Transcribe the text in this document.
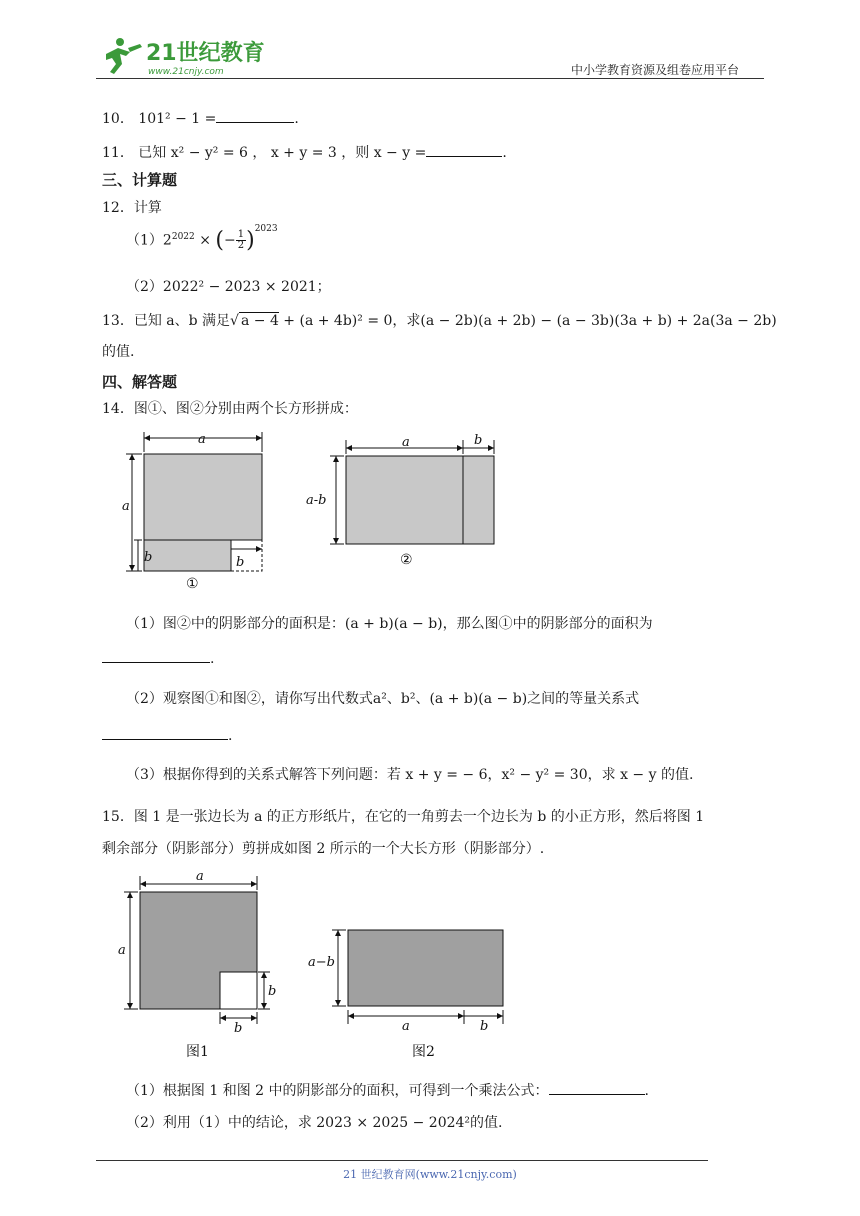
21世纪教育
www.21cnjy.com	中小学教育资源及组卷应用平台
10． 101² − 1 =	.
11． 已知 x² − y² = 6 ， x + y = 3 ，则 x − y =	.
三、计算题
12．计算
$(1)2^{2022}$ × (− $\frac{1}{2} )^{2023}$
（2）2022² − 2023 × 2021；
13．已知 a、b 满足√ a − 4 + (a + 4b)² = 0，求(a − 2b)(a + 2b) − (a − 3b)(3a + b) + 2a(3a − 2b)
的值.
四、解答题
14．图①、图②分别由两个长方形拼成：
a
a
b	b
①
a	b
a-b
②
（1）图②中的阴影部分的面积是：(a + b)(a − b)，那么图①中的阴影部分的面积为
.
（2）观察图①和图②，请你写出代数式a²、b²、(a + b)(a − b)之间的等量关系式
.
（3）根据你得到的关系式解答下列问题：若 x + y = − 6，x² − y² = 30，求 x − y 的值.
15．图 1 是一张边长为 a 的正方形纸片，在它的一角剪去一个边长为 b 的小正方形，然后将图 1
剩余部分（阴影部分）剪拼成如图 2 所示的一个大长方形（阴影部分）.
a
a
b
b
图1
a−b
a	b
图2
（1）根据图 1 和图 2 中的阴影部分的面积，可得到一个乘法公式：	.
（2）利用（1）中的结论，求 2023 × 2025 − 2024²的值.
21 世纪教育网(www.21cnjy.com)
